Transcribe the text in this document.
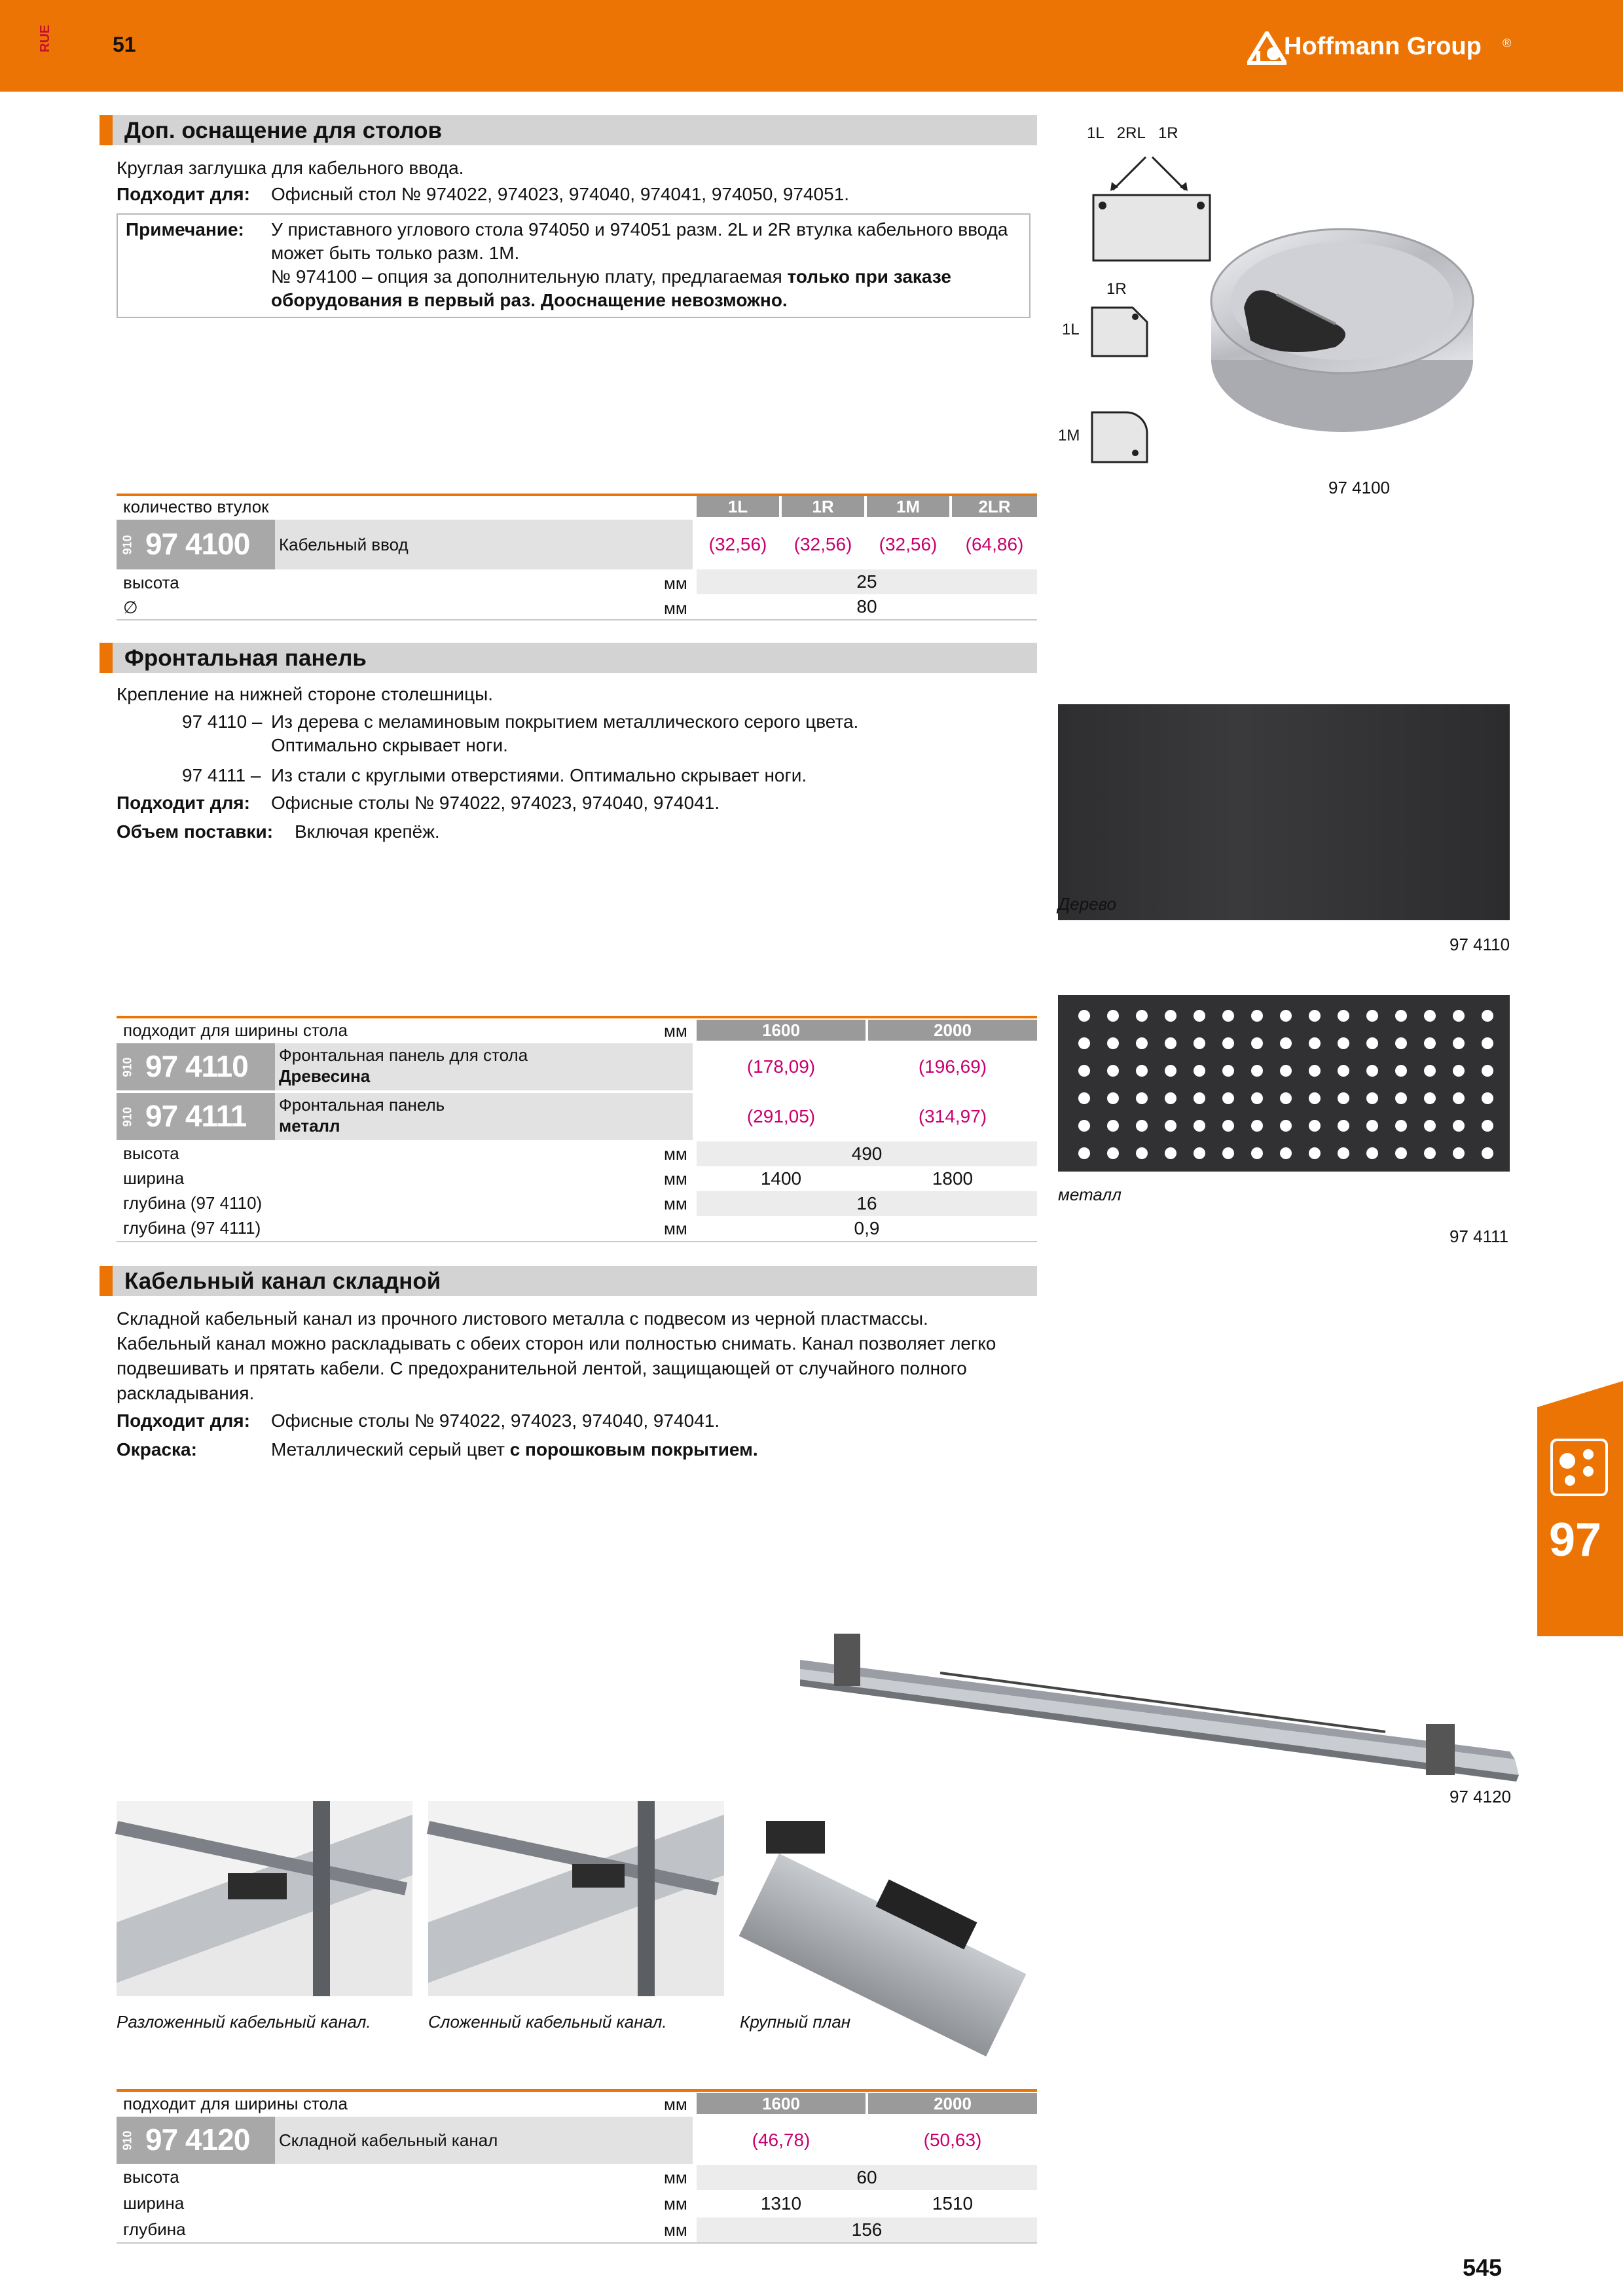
RUE	51	Hoffmann Group ®
Доп. оснащение для столов
Круглая заглушка для кабельного ввода.
Подходит для: Офисный стол № 974022, 974023, 974040, 974041, 974050, 974051.
Примечание: У приставного углового стола 974050 и 974051 разм. 2L и 2R втулка кабельного ввода
может быть только разм. 1M.
№ 974100 – опция за дополнительную плату, предлагаемая только при заказе
оборудования в первый раз. Дооснащение невозможно.
1L   2RL   1R
1R
1L
1M
97 4100
количество втулок	1L	1R	1M	2LR
910 97 4100 Кабельный ввод	(32,56)	(32,56)	(32,56)	(64,86)
высота	мм	25
∅	мм	80
Фронтальная панель
Крепление на нижней стороне столешницы.
97 4110 – Из дерева с меламиновым покрытием металлического серого цвета.
Оптимально скрывает ноги.
97 4111 – Из стали с круглыми отверстиями. Оптимально скрывает ноги.
Подходит для: Офисные столы № 974022, 974023, 974040, 974041.
Объем поставки: Включая крепёж.
Дерево
97 4110
металл
97 4111
подходит для ширины стола	мм	1600	2000
910 97 4110 Фронтальная панель для стола
Древесина	(178,09)	(196,69)
910 97 4111 Фронтальная панель
металл	(291,05)	(314,97)
высота	мм	490
ширина	мм	1400	1800
глубина (97 4110)	мм	16
глубина (97 4111)	мм	0,9
Кабельный канал складной
Складной кабельный канал из прочного листового металла с подвесом из черной пластмассы.
Кабельный канал можно раскладывать с обеих сторон или полностью снимать. Канал позволяет легко
подвешивать и прятать кабели. С предохранительной лентой, защищающей от случайного полного
раскладывания.
Подходит для: Офисные столы № 974022, 974023, 974040, 974041.
Окраска:	Металлический серый цвет с порошковым покрытием.
97
97 4120
Разложенный кабельный канал.	Сложенный кабельный канал.	Крупный план
подходит для ширины стола	мм	1600	2000
910 97 4120 Складной кабельный канал	(46,78)	(50,63)
высота	мм	60
ширина	мм	1310	1510
глубина	мм	156
545
